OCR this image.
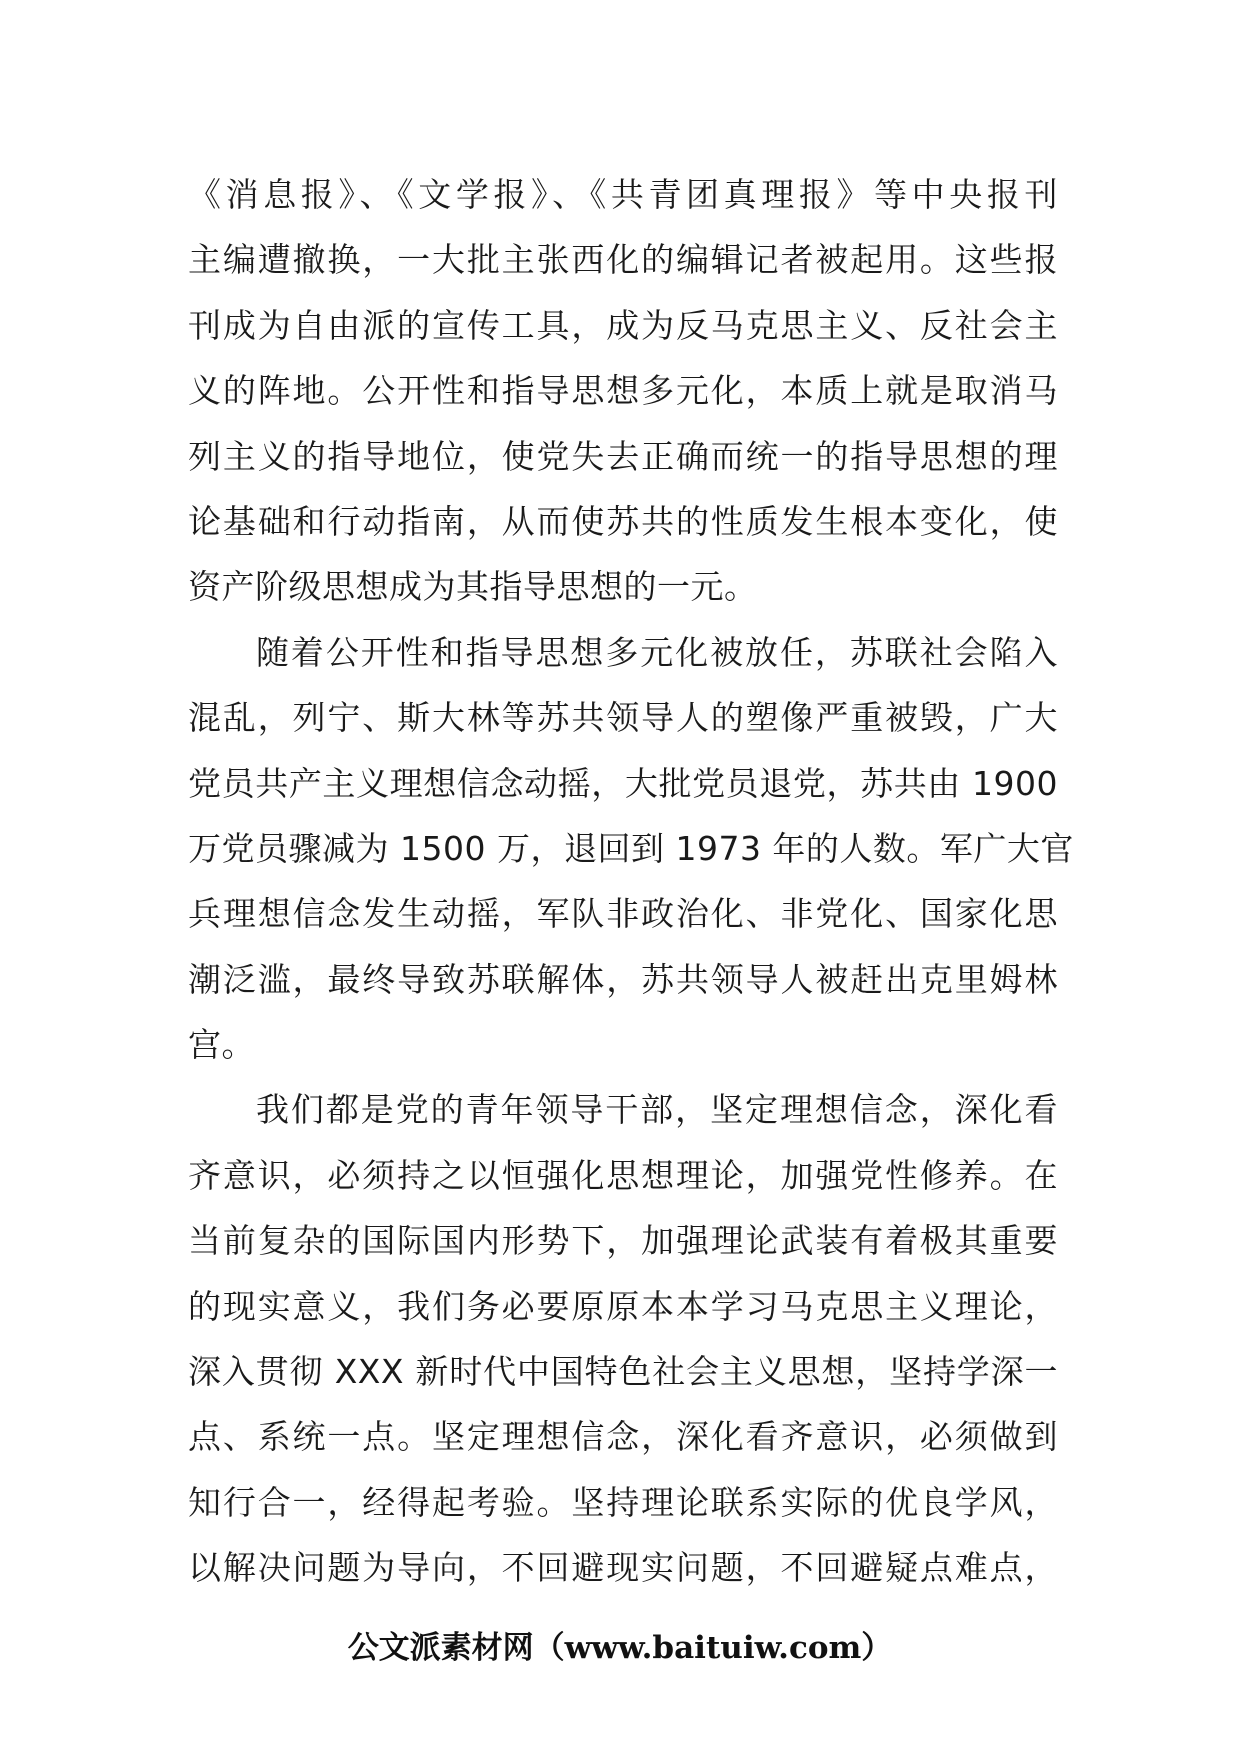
《消息报》、《文学报》、《共青团真理报》等中央报刊
主编遭撤换，一大批主张西化的编辑记者被起用。这些报
刊成为自由派的宣传工具，成为反马克思主义、反社会主
义的阵地。公开性和指导思想多元化，本质上就是取消马
列主义的指导地位，使党失去正确而统一的指导思想的理
论基础和行动指南，从而使苏共的性质发生根本变化，使
资产阶级思想成为其指导思想的一元。
随着公开性和指导思想多元化被放任，苏联社会陷入
混乱，列宁、斯大林等苏共领导人的塑像严重被毁，广大
党员共产主义理想信念动摇，大批党员退党，苏共由 1900
万党员骤减为 1500 万，退回到 1973 年的人数。军广大官
兵理想信念发生动摇，军队非政治化、非党化、国家化思
潮泛滥，最终导致苏联解体，苏共领导人被赶出克里姆林
宫。
我们都是党的青年领导干部，坚定理想信念，深化看
齐意识，必须持之以恒强化思想理论，加强党性修养。在
当前复杂的国际国内形势下，加强理论武装有着极其重要
的现实意义，我们务必要原原本本学习马克思主义理论，
深入贯彻 XXX 新时代中国特色社会主义思想，坚持学深一
点、系统一点。坚定理想信念，深化看齐意识，必须做到
知行合一，经得起考验。坚持理论联系实际的优良学风，
以解决问题为导向，不回避现实问题，不回避疑点难点，
公文派素材网（www.baituiw.com）
